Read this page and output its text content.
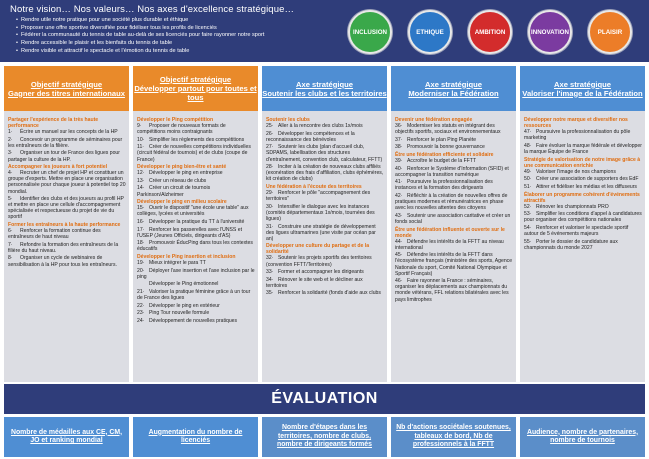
Notre vision… Nos valeurs… Nos axes d'excellence stratégique…
• Rendre utile notre pratique pour une société plus durable et éthique
• Proposer une offre sportive diversifiée pour fidéliser tous les profils de licenciés
• Fédérer la communauté du tennis de table au-delà de ses licenciés pour faire rayonner notre sport
• Rendre accessible le plaisir et les bienfaits du tennis de table
• Rendre visible et attractif le spectacle et l'émotion du tennis de table
INCLUSION	ETHIQUE	AMBITION	INNOVATION	PLAISIR
Objectif stratégique
Gagner des titres internationaux
Partager l'expérience de la très haute performance
1· Écrire un manuel sur les concepts de la HP
2· Concevoir un programme de séminaires pour les entraîneurs de la filière.
3· Organiser un tour de France des ligues pour partager la culture de la HP.
Accompagner les joueurs à fort potentiel
4· Recruter un chef de projet HP et constituer un groupe d'experts. Mettre en place une organisation personnalisée pour chaque joueur à potentiel top 20 mondial.
5· Identifier des clubs et des joueurs au profil HP et mettre en place une cellule d'accompagnement spécialisée et respectueuse du projet de vie du sportif
Former les entraîneurs à la haute performance
6· Renforcer la formation continue des entraîneurs de haut niveau
7· Refondre la formation des entraîneurs de la filière du haut niveau.
8· Organiser un cycle de webinaires de sensibilisation à la HP pour tous les entraîneurs.
Objectif stratégique
Développer partout pour toutes et tous
Développer le Ping compétition
9· Proposer de nouveaux formats de compétitions moins contraignants
10· Simplifier les règlements des compétitions
11· Créer de nouvelles compétitions individuelles (circuit fédéral de tournois) et de clubs (coupe de France)
Développer le ping bien-être et santé
12· Développer le ping en entreprise
13· Créer un réseau de clubs
14· Créer un circuit de tournois Parkinson/Alzheimer
Développer le ping en milieu scolaire
15· Ouvrir le dispositif "une école une table" aux collèges, lycées et universités
16· Développer la pratique du TT à l'université
17· Renforcer les passerelles avec l'UNSS et l'USEP (Jeunes Officiels, dirigeants d'AS)
18· Promouvoir ÉducPing dans tous les contextes éducatifs
Développer le Ping insertion et inclusion
19· Mieux intégrer le para TT
20· Déployer l'axe insertion et l'axe inclusion par le ping
Développer le Ping émotionnel
21· Valoriser la pratique féminine grâce à un tour de France des ligues
22· Développer le ping en extérieur
23· Ping Tour nouvelle formule
24· Développement de nouvelles pratiques
Axe stratégique
Soutenir les clubs et les territoires
Soutenir les clubs
25· Aller à la rencontre des clubs 1x/mois
26· Développer les compétences et la reconnaissance des bénévoles
27· Soutenir les clubs (plan d'accueil club, SDPAMS, labellisation des structures d'entraînement, convention club, calculateur, FFTT)
28· Inciter à la création de nouveaux clubs affiliés (exonération des frais d'affiliation, clubs éphémères, kit création de clubs)
Une fédération à l'écoute des territoires
29· Renforcer le pôle "accompagnement des territoires"
30· Intensifier le dialogue avec les instances (comités départementaux 1x/mois, tournées des ligues)
31· Construire une stratégie de développement des ligues ultramarines (une visite par océan par an)
Développer une culture du partage et de la solidarité
32· Soutenir les projets sportifs des territoires (convention FFTT/Territoires)
33· Former et accompagner les dirigeants
34· Rénover le site web et le décliner aux territoires
35· Renforcer la solidarité (fonds d'aide aux clubs
Axe stratégique
Moderniser la Fédération
Devenir une fédération engagée
36· Moderniser les statuts en intégrant des objectifs sportifs, sociaux et environnementaux
37· Renforcer le plan Ping Planète
38· Promouvoir la bonne gouvernance
Être une fédération efficiente et solidaire
39· Accroître le budget de la FFTT
40· Renforcer le Système d'Information (SFID) et accompagner la transition numérique
41· Poursuivre la professionnalisation des instances et la formation des dirigeants
42· Réfléchir à la création de nouvelles offres de pratiques modernes et rémunératrices en phase avec les nouvelles attentes des citoyens
43· Soutenir une association caritative et créer un fonds social
Être une fédération influente et ouverte sur le monde
44· Défendre les intérêts de la FFTT au niveau international
45· Défendre les intérêts de la FFTT dans l'écosystème français (ministère des sports, Agence Nationale du sport, Comité National Olympique et Sportif Français)
46· Faire rayonner la France : séminaires, organiser les déplacements aux championnats du monde vétérans, FFL relations bilatérales avec les pays limitrophes
Axe stratégique
Valoriser l'image de la Fédération
Développer notre marque et diversifier nos ressources
47· Poursuivre la professionnalisation du pôle marketing
48· Faire évoluer la marque fédérale et développer la marque Équipe de France
Stratégie de valorisation de notre image grâce à une communication enrichie
49· Valoriser l'image de nos champions
50· Créer une association de supporters des EdF
51· Attirer et fidéliser les médias et les diffuseurs
Élaborer un programme cohérent d'événements attractifs
52· Rénover les championnats PRO
53· Simplifier les conditions d'appel à candidatures pour organiser des compétitions nationales
54· Renforcer et valoriser le spectacle sportif autour de 5 événements majeurs
55· Porter le dossier de candidature aux championnats du monde 2027
ÉVALUATION
Nombre de médailles aux CE, CM, JO et ranking mondial
Augmentation du nombre de licenciés
Nombre d'étapes dans les territoires, nombre de clubs, nombre de dirigeants formés
Nb d'actions sociétales soutenues, tableaux de bord, Nb de professionnels à la FFTT
Audience, nombre de partenaires, nombre de tournois
